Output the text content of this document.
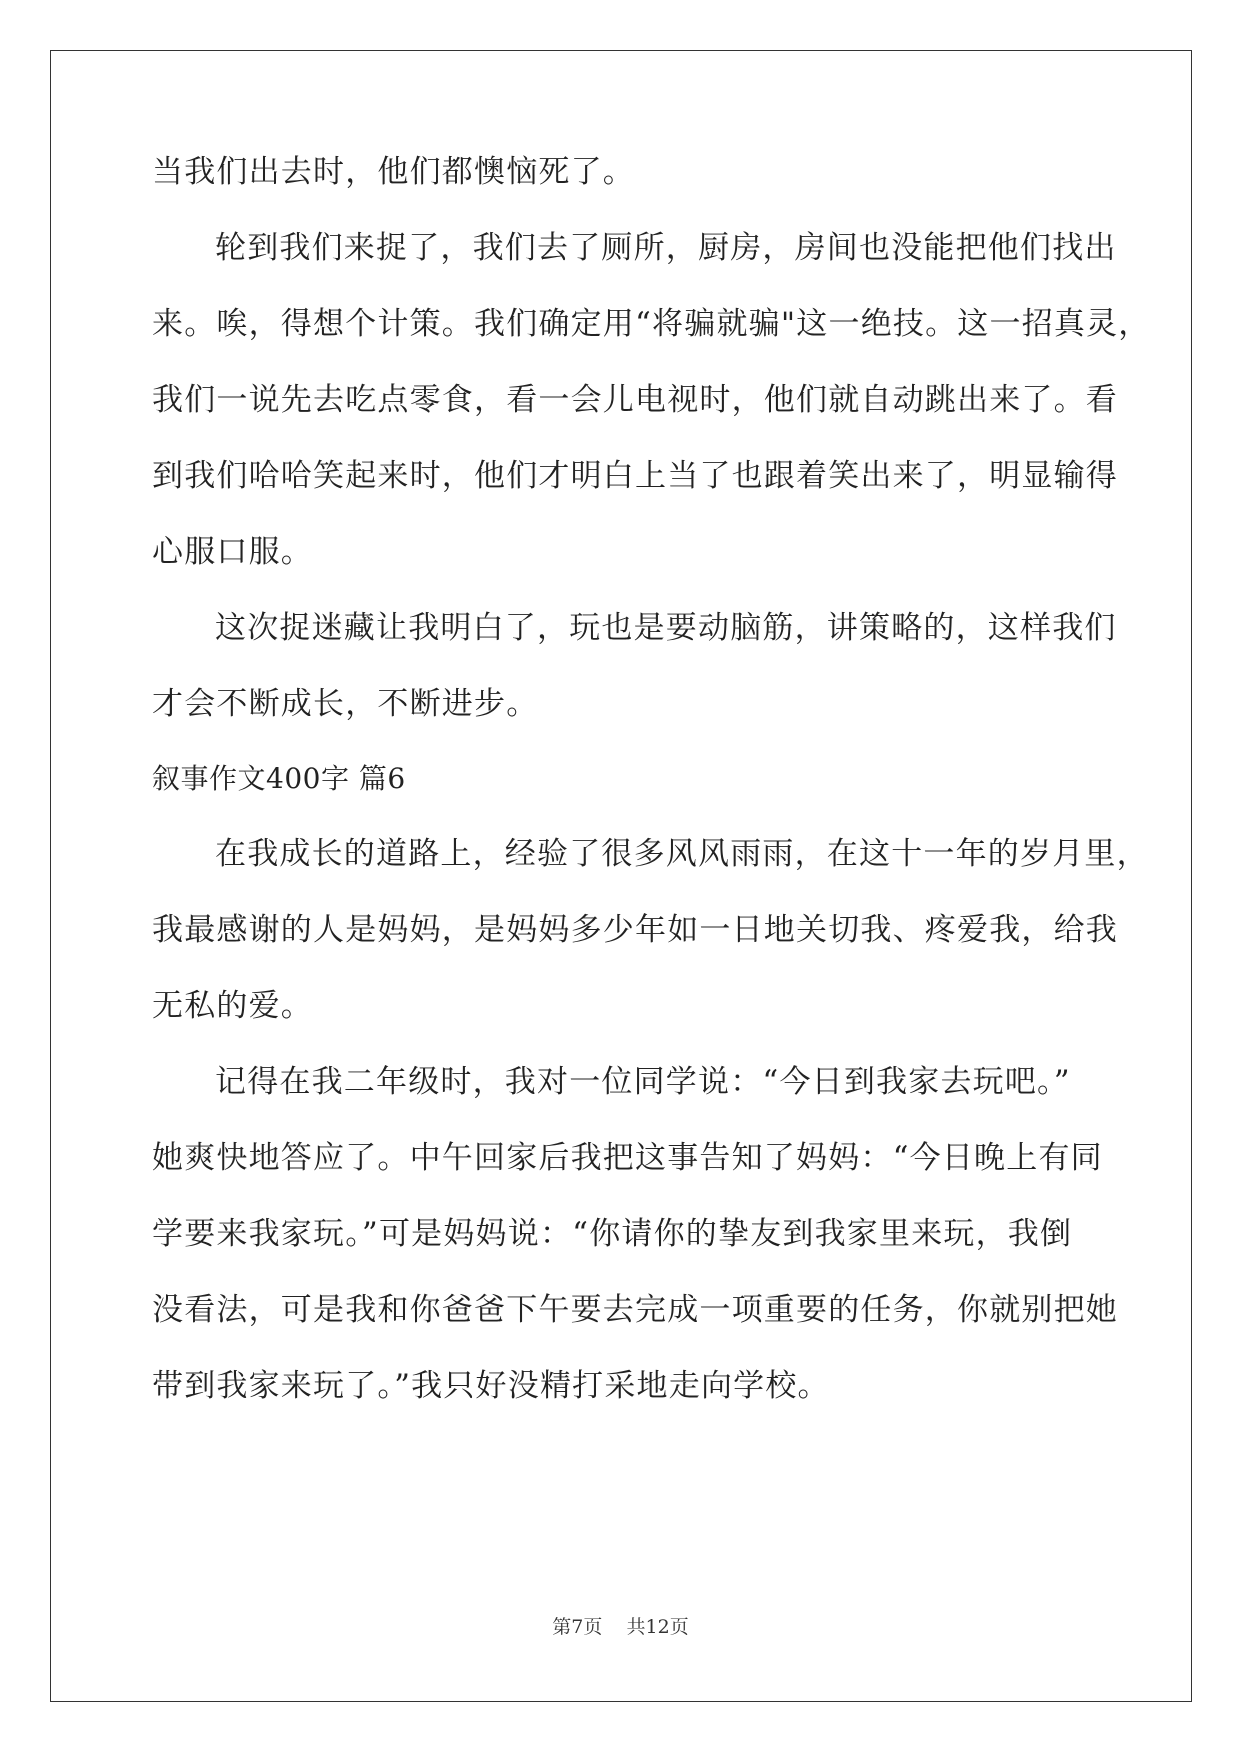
当我们出去时，他们都懊恼死了。
轮到我们来捉了，我们去了厕所，厨房，房间也没能把他们找出
来。唉，得想个计策。我们确定用“将骗就骗"这一绝技。这一招真灵，
我们一说先去吃点零食，看一会儿电视时，他们就自动跳出来了。看
到我们哈哈笑起来时，他们才明白上当了也跟着笑出来了，明显输得
心服口服。
这次捉迷藏让我明白了，玩也是要动脑筋，讲策略的，这样我们
才会不断成长，不断进步。
叙事作文400字 篇6
在我成长的道路上，经验了很多风风雨雨，在这十一年的岁月里，
我最感谢的人是妈妈，是妈妈多少年如一日地关切我、疼爱我，给我
无私的爱。
记得在我二年级时，我对一位同学说：“今日到我家去玩吧。”
她爽快地答应了。中午回家后我把这事告知了妈妈：“今日晚上有同
学要来我家玩。”可是妈妈说：“你请你的挚友到我家里来玩，我倒
没看法，可是我和你爸爸下午要去完成一项重要的任务，你就别把她
带到我家来玩了。”我只好没精打采地走向学校。
第7页 共12页
